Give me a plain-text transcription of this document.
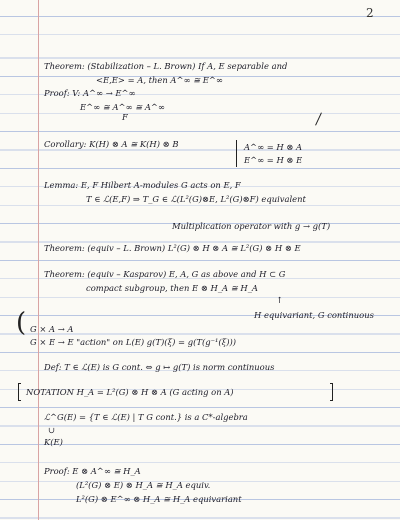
2
Theorem: (Stabilization – L. Brown) If A, E separable and
<E,E> = A, then A^∞ ≅ E^∞
Proof: V: A^∞ → E^∞
E^∞ ≅ A^∞ ≅ A^∞
F
Corollary: K(H) ⊗ A ≅ K(H) ⊗ B	A^∞ = H ⊗ A
E^∞ = H ⊗ E
Lemma: E, F Hilbert A-modules G acts on E, F
T ∈ ℒ(E,F) ⇒ T_G ∈ ℒ(L²(G)⊗E, L²(G)⊗F) equivalent
Multiplication operator with g → g(T)
Theorem: (equiv – L. Brown) L²(G) ⊗ H ⊗ A ≅ L²(G) ⊗ H ⊗ E
Theorem: (equiv – Kasparov) E, A, G as above and H ⊂ G
compact subgroup, then E ⊗ H_A ≅ H_A
↑
H equivariant, G continuous
( G × A → A
G × E → E "action" on L(E) g(T)(ξ) = g(T(g⁻¹(ξ)))
Def: T ∈ ℒ(E) is G cont. ⇔ g ↦ g(T) is norm continuous
NOTATION H_A = L²(G) ⊗ H ⊗ A (G acting on A)
ℒ^G(E) = {T ∈ ℒ(E) | T G cont.} is a C*-algebra
∪
K(E)
Proof: E ⊗ A^∞ ≅ H_A
(L²(G) ⊗ E) ⊗ H_A ≅ H_A equiv.
L²(G) ⊗ E^∞ ⊗ H_A ≅ H_A equivariant
